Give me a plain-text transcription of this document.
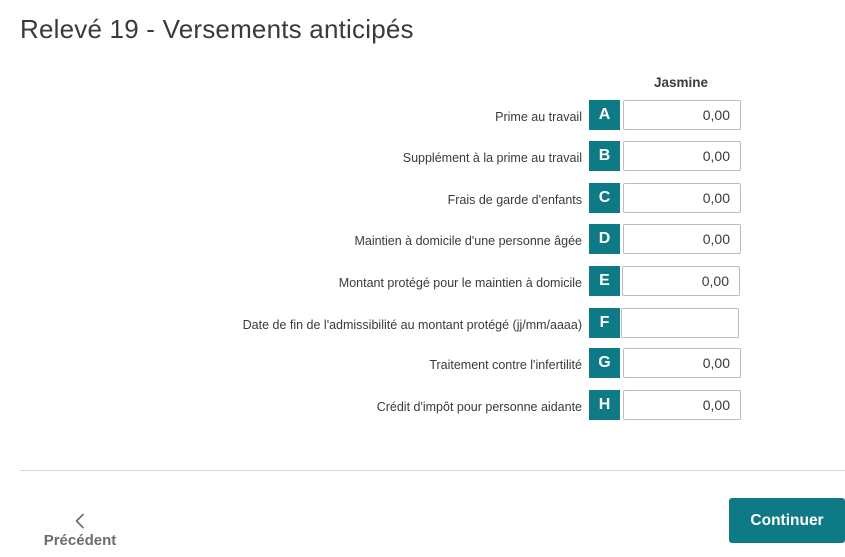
Relevé 19 - Versements anticipés
Jasmine
Prime au travail	A
0,00
Supplément à la prime au travail	B
0,00
Frais de garde d'enfants	C
0,00
Maintien à domicile d'une personne âgée	D
0,00
Montant protégé pour le maintien à domicile	E
0,00
Date de fin de l'admissibilité au montant protégé (jj/mm/aaaa)	F
Traitement contre l'infertilité	G
0,00
Crédit d'impôt pour personne aidante	H
0,00
Précédent
Continuer
